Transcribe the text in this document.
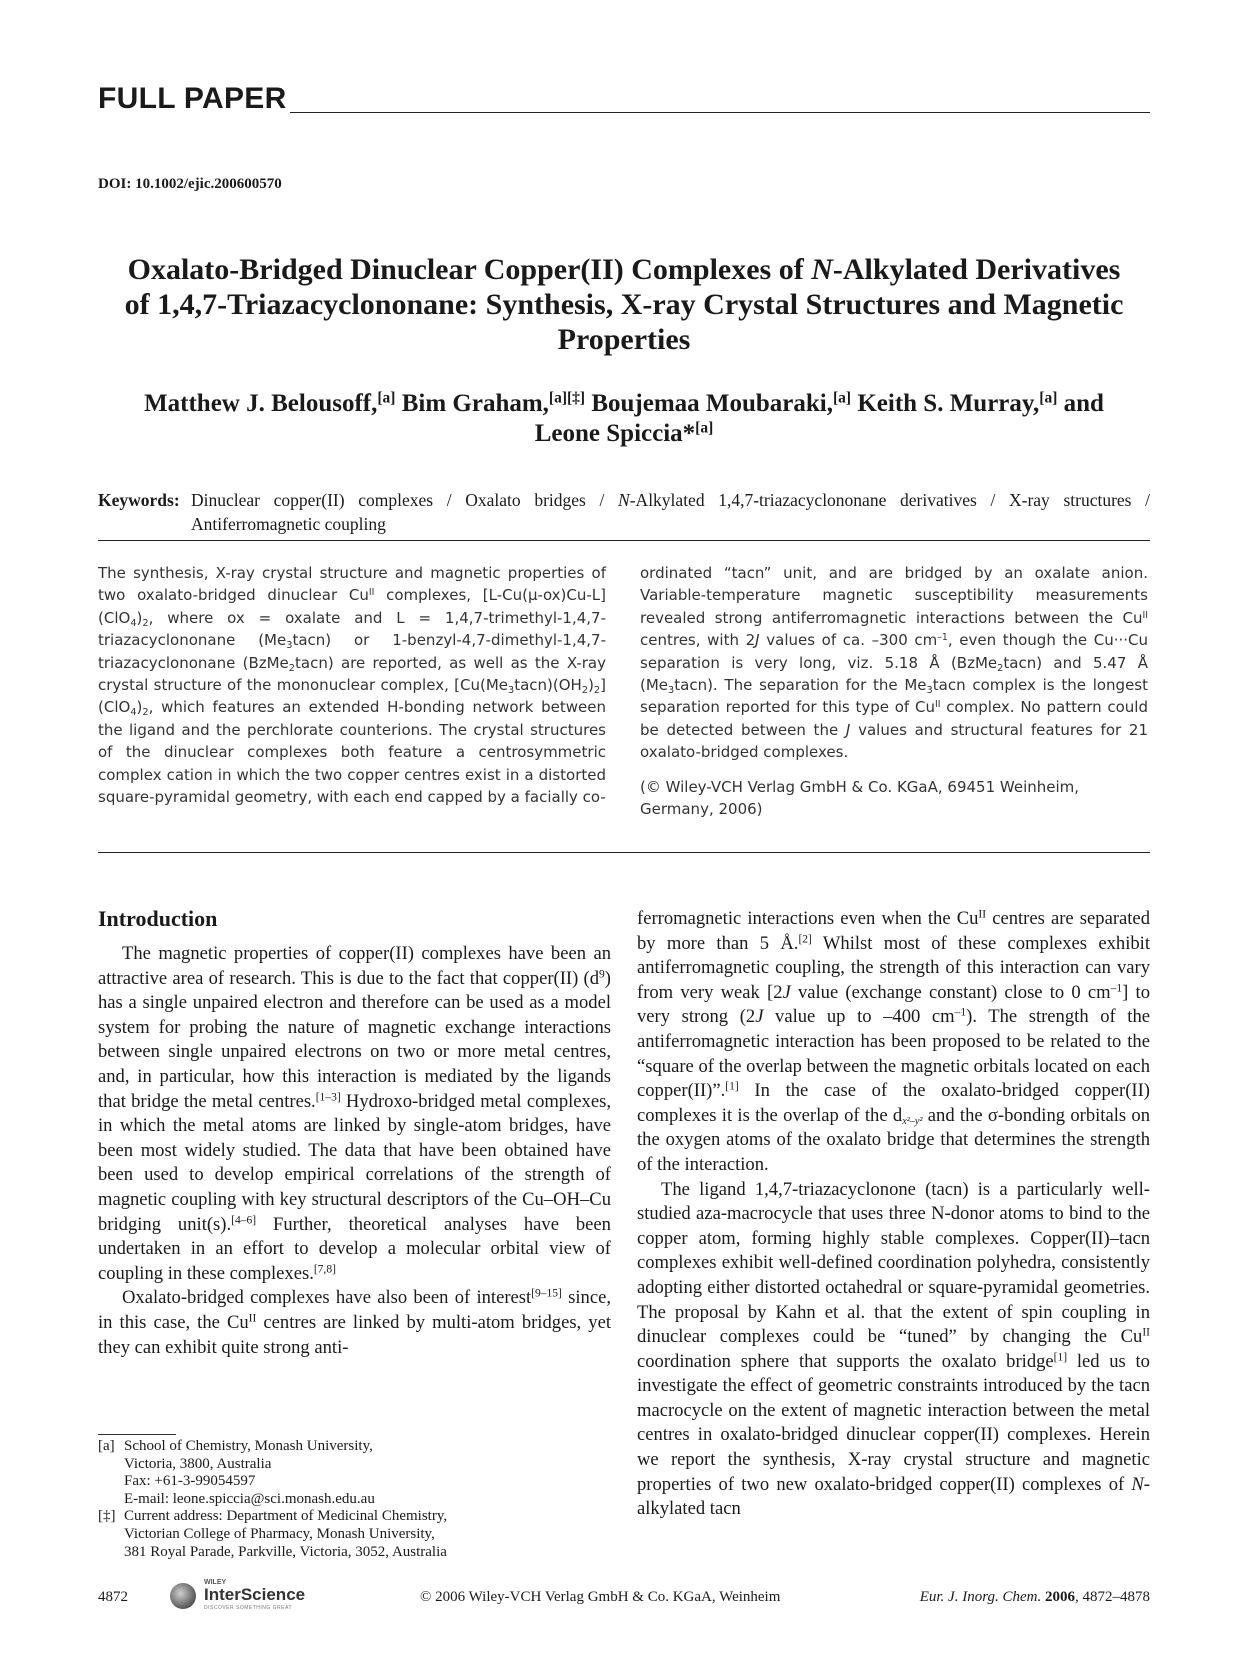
FULL PAPER
DOI: 10.1002/ejic.200600570
Oxalato-Bridged Dinuclear Copper(II) Complexes of N-Alkylated Derivatives
of 1,4,7-Triazacyclononane: Synthesis, X-ray Crystal Structures and Magnetic
Properties
Matthew J. Belousoff,[a] Bim Graham,[a][‡] Boujemaa Moubaraki,[a] Keith S. Murray,[a] and
Leone Spiccia*[a]
Keywords: Dinuclear copper(II) complexes / Oxalato bridges / N-Alkylated 1,4,7-triazacyclononane derivatives / X-ray structures / Antiferromagnetic coupling

The synthesis, X-ray crystal structure and magnetic properties of two oxalato-bridged dinuclear $Cu^{II}$ complexes, $[L-Cu(\mu-ox)Cu-L](ClO_4)_2$, where ox = oxalate and L = 1,4,7-trimethyl-1,4,7-triazacyclononane $(Me_3tacn)$ or 1-benzyl-4,7-dimethyl-1,4,7-triazacyclononane (BzMe$_2$tacn) are reported, as well as the X-ray crystal structure of the mononuclear complex, $[Cu(Me_3tacn)(OH_2)_2](ClO_4)_2$, which features an extended H-bonding network between the ligand and the perchlorate counterions. The crystal structures of the dinuclear complexes both feature a centrosymmetric complex cation in which the two copper centres exist in a distorted square-pyramidal geometry, with each end capped by a facially co-

ordinated “tacn” unit, and are bridged by an oxalate anion. Variable-temperature magnetic susceptibility measurements revealed strong antiferromagnetic interactions between the $Cu^{II}$ centres, with 2J values of ca. –300 $cm^{-1}$, even though the Cu···Cu separation is very long, viz. 5.18 Å (BzMe$_2$tacn) and 5.47 Å $(Me_3tacn)$. The separation for the $Me_3tacn$ complex is the longest separation reported for this type of $Cu^{II}$ complex. No pattern could be detected between the J values and structural features for 21 oxalato-bridged complexes.

(© Wiley-VCH Verlag GmbH & Co. KGaA, 69451 Weinheim, Germany, 2006)

Introduction

The magnetic properties of copper(II) complexes have been an attractive area of research. This is due to the fact that copper(II) $(d^9)$ has a single unpaired electron and therefore can be used as a model system for probing the nature of magnetic exchange interactions between single unpaired electrons on two or more metal centres, and, in particular, how this interaction is mediated by the ligands that bridge the metal centres.[1–3] Hydroxo-bridged metal complexes, in which the metal atoms are linked by single-atom bridges, have been most widely studied. The data that have been obtained have been used to develop empirical correlations of the strength of magnetic coupling with key structural descriptors of the Cu–OH–Cu bridging unit(s).[4–6] Further, theoretical analyses have been undertaken in an effort to develop a molecular orbital view of coupling in these complexes.[7,8]

Oxalato-bridged complexes have also been of interest[9–15] since, in this case, the $Cu^{II}$ centres are linked by multi-atom bridges, yet they can exhibit quite strong anti-

ferromagnetic interactions even when the $Cu^{II}$ centres are separated by more than 5 Å.[2] Whilst most of these complexes exhibit antiferromagnetic coupling, the strength of this interaction can vary from very weak [2J value (exchange constant) close to 0 $cm^{-1}$] to very strong (2J value up to –400 $cm^{-1}$). The strength of the antiferromagnetic interaction has been proposed to be related to the “square of the overlap between the magnetic orbitals located on each copper(II)”.[1] In the case of the oxalato-bridged copper(II) complexes it is the overlap of the $d_{x^2-y^2}$ and the σ-bonding orbitals on the oxygen atoms of the oxalato bridge that determines the strength of the interaction.

The ligand 1,4,7-triazacyclonone (tacn) is a particularly well-studied aza-macrocycle that uses three N-donor atoms to bind to the copper atom, forming highly stable complexes. Copper(II)–tacn complexes exhibit well-defined coordination polyhedra, consistently adopting either distorted octahedral or square-pyramidal geometries. The proposal by Kahn et al. that the extent of spin coupling in dinuclear complexes could be “tuned” by changing the $Cu^{II}$ coordination sphere that supports the oxalato bridge[1] led us to investigate the effect of geometric constraints introduced by the tacn macrocycle on the extent of magnetic interaction between the metal centres in oxalato-bridged dinuclear copper(II) complexes. Herein we report the synthesis, X-ray crystal structure and magnetic properties of two new oxalato-bridged copper(II) complexes of N-alkylated tacn

[a] School of Chemistry, Monash University,
Victoria, 3800, Australia
Fax: +61-3-99054597
E-mail: leone.spiccia@sci.monash.edu.au
[‡] Current address: Department of Medicinal Chemistry,
Victorian College of Pharmacy, Monash University,
381 Royal Parade, Parkville, Victoria, 3052, Australia
4872
WILEY
InterScience
DISCOVER SOMETHING GREAT
© 2006 Wiley-VCH Verlag GmbH & Co. KGaA, Weinheim	Eur. J. Inorg. Chem. 2006, 4872–4878
